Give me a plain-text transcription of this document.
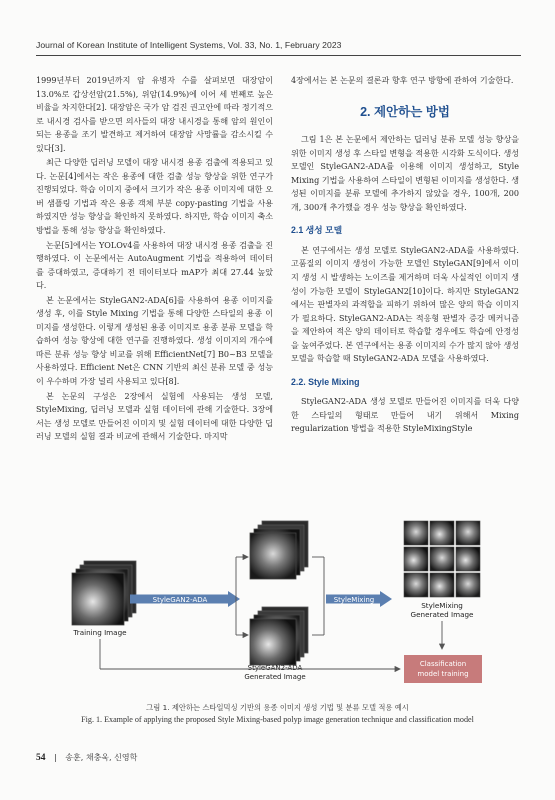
Journal of Korean Institute of Intelligent Systems, Vol. 33, No. 1, February 2023

1999년부터 2019년까지 암 유병자 수를 살펴보면 대장암이 13.0%로 갑상선암(21.5%), 위암(14.9%)에 이어 세 번째로 높은 비율을 차지한다[2]. 대장암은 국가 암 검진 권고안에 따라 정기적으로 내시경 검사를 받으면 의사들의 대장 내시경을 통해 암의 원인이 되는 용종을 조기 발견하고 제거하여 대장암 사망률을 감소시킬 수 있다[3].

최근 다양한 딥러닝 모델이 대장 내시경 용종 검출에 적용되고 있다. 논문[4]에서는 작은 용종에 대한 검출 성능 향상을 위한 연구가 진행되었다. 학습 이미지 중에서 크기가 작은 용종 이미지에 대한 오버 샘플링 기법과 작은 용종 객체 부분 copy-pasting 기법을 사용하였지만 성능 향상을 확인하지 못하였다. 하지만, 학습 이미지 축소 방법을 통해 성능 향상을 확인하였다.

논문[5]에서는 YOLOv4를 사용하여 대장 내시경 용종 검출을 진행하였다. 이 논문에서는 AutoAugment 기법을 적용하여 데이터를 증대하였고, 증대하기 전 데이터보다 mAP가 최대 27.44 높았다.

본 논문에서는 StyleGAN2-ADA[6]를 사용하여 용종 이미지를 생성 후, 이를 Style Mixing 기법을 통해 다양한 스타일의 용종 이미지를 생성한다. 이렇게 생성된 용종 이미지로 용종 분류 모델을 학습하여 성능 향상에 대한 연구를 진행하였다. 생성 이미지의 개수에 따른 분류 성능 향상 비교를 위해 EfficientNet[7] B0~B3 모델을 사용하였다. Efficient Net은 CNN 기반의 최신 분류 모델 중 성능이 우수하며 가장 널리 사용되고 있다[8].

본 논문의 구성은 2장에서 실험에 사용되는 생성 모델, StyleMixing, 딥러닝 모델과 실험 데이터에 관해 기술한다. 3장에서는 생성 모델로 만들어진 이미지 및 실험 데이터에 대한 다양한 딥러닝 모델의 실험 결과 비교에 관해서 기술한다. 마지막

4장에서는 본 논문의 결론과 향후 연구 방향에 관하여 기술한다.

2. 제안하는 방법

그림 1은 본 논문에서 제안하는 딥러닝 분류 모델 성능 향상을 위한 이미지 생성 후 스타일 변형을 적용한 시각화 도식이다. 생성 모델인 StyleGAN2-ADA를 이용해 이미지 생성하고, Style Mixing 기법을 사용하여 스타일이 변형된 이미지를 생성한다. 생성된 이미지를 분류 모델에 추가하지 않았을 경우, 100개, 200개, 300개 추가했을 경우 성능 향상을 확인하였다.

2.1 생성 모델

본 연구에서는 생성 모델로 StyleGAN2-ADA를 사용하였다. 고품질의 이미지 생성이 가능한 모델인 StyleGAN[9]에서 이미지 생성 시 발생하는 노이즈를 제거하며 더욱 사실적인 이미지 생성이 가능한 모델이 StyleGAN2[10]이다. 하지만 StyleGAN2에서는 판별자의 과적합을 피하기 위하여 많은 양의 학습 이미지가 필요하다. StyleGAN2-ADA는 적응형 판별자 증강 메커니즘을 제안하여 적은 양의 데이터로 학습할 경우에도 학습에 안정성을 높여주었다. 본 연구에서는 용종 이미지의 수가 많지 않아 생성 모델을 학습할 때 StyleGAN2-ADA 모델을 사용하였다.

2.2. Style Mixing

StyleGAN2-ADA 생성 모델로 만들어진 이미지를 더욱 다양한 스타일의 형태로 만들어 내기 위해서 Mixing regularization 방법을 적용한 StyleMixingStyle

Training Image
StyleGAN2-ADA
StyleGAN2-ADA
Generated Image
StyleMixing
StyleMixing
Generated Image
Classification
model training
그림 1. 제안하는 스타일믹싱 기반의 용종 이미지 생성 기법 및 분류 모델 적용 예시
Fig. 1. Example of applying the proposed Style Mixing-based polyp image generation technique and classification model
54 | 송훈, 채충욱, 신영학
